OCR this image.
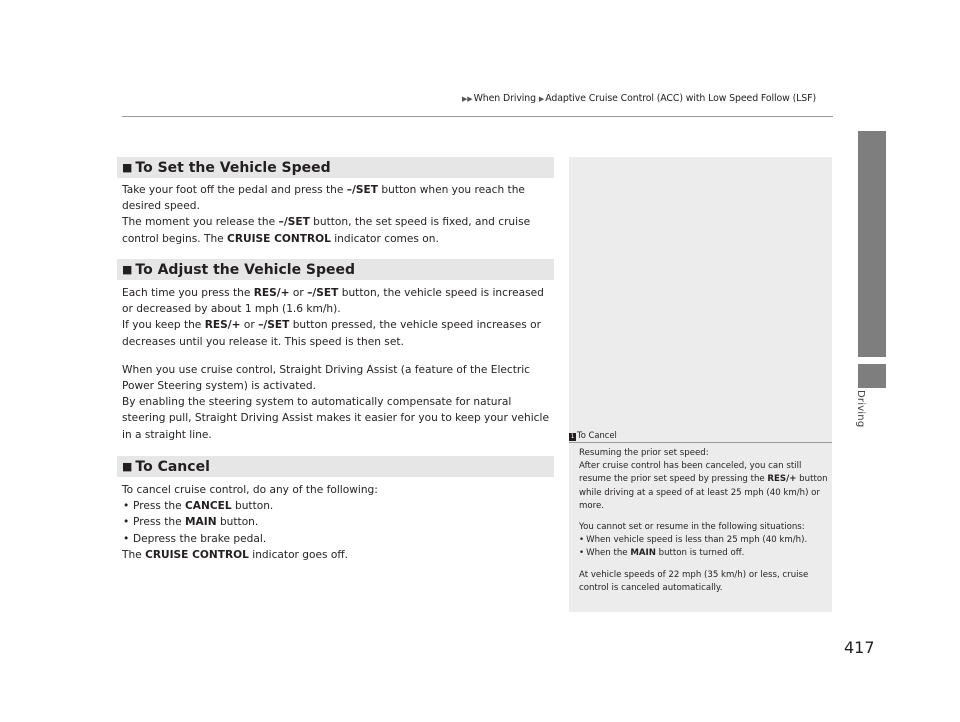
▶▶When Driving ▶Adaptive Cruise Control (ACC) with Low Speed Follow (LSF)
Driving
■ To Set the Vehicle Speed

Take your foot off the pedal and press the –/SET button when you reach the desired speed.

The moment you release the –/SET button, the set speed is fixed, and cruise control begins. The CRUISE CONTROL indicator comes on.

■ To Adjust the Vehicle Speed

Each time you press the RES/+ or –/SET button, the vehicle speed is increased or decreased by about 1 mph (1.6 km/h).

If you keep the RES/+ or –/SET button pressed, the vehicle speed increases or decreases until you release it. This speed is then set.

When you use cruise control, Straight Driving Assist (a feature of the Electric Power Steering system) is activated.

By enabling the steering system to automatically compensate for natural steering pull, Straight Driving Assist makes it easier for you to keep your vehicle in a straight line.

■ To Cancel

To cancel cruise control, do any of the following:

• Press the CANCEL button.
• Press the MAIN button.
• Depress the brake pedal.

The CRUISE CONTROL indicator goes off.

1 To Cancel

Resuming the prior set speed:

After cruise control has been canceled, you can still resume the prior set speed by pressing the RES/+ button while driving at a speed of at least 25 mph (40 km/h) or more.

You cannot set or resume in the following situations:

• When vehicle speed is less than 25 mph (40 km/h).
• When the MAIN button is turned off.

At vehicle speeds of 22 mph (35 km/h) or less, cruise control is canceled automatically.

417
